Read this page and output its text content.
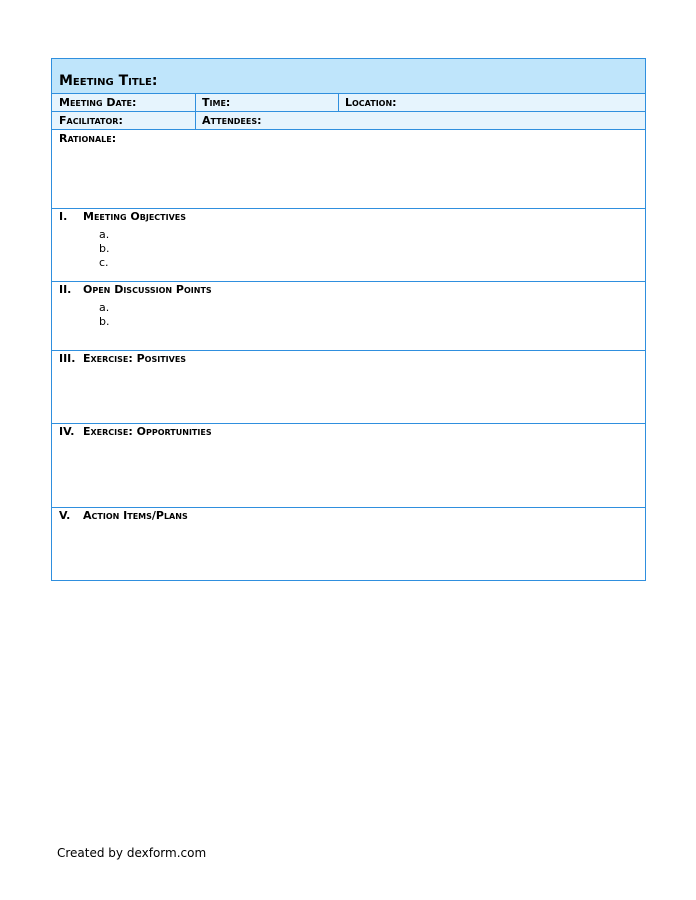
Meeting Title:
Meeting Date:	Time:	Location:
Facilitator:	Attendees:
Rationale:
I. Meeting Objectives
a.
b.
c.
II. Open Discussion Points
a.
b.
III. Exercise: Positives
IV. Exercise: Opportunities
V. Action Items/Plans
Created by dexform.com
